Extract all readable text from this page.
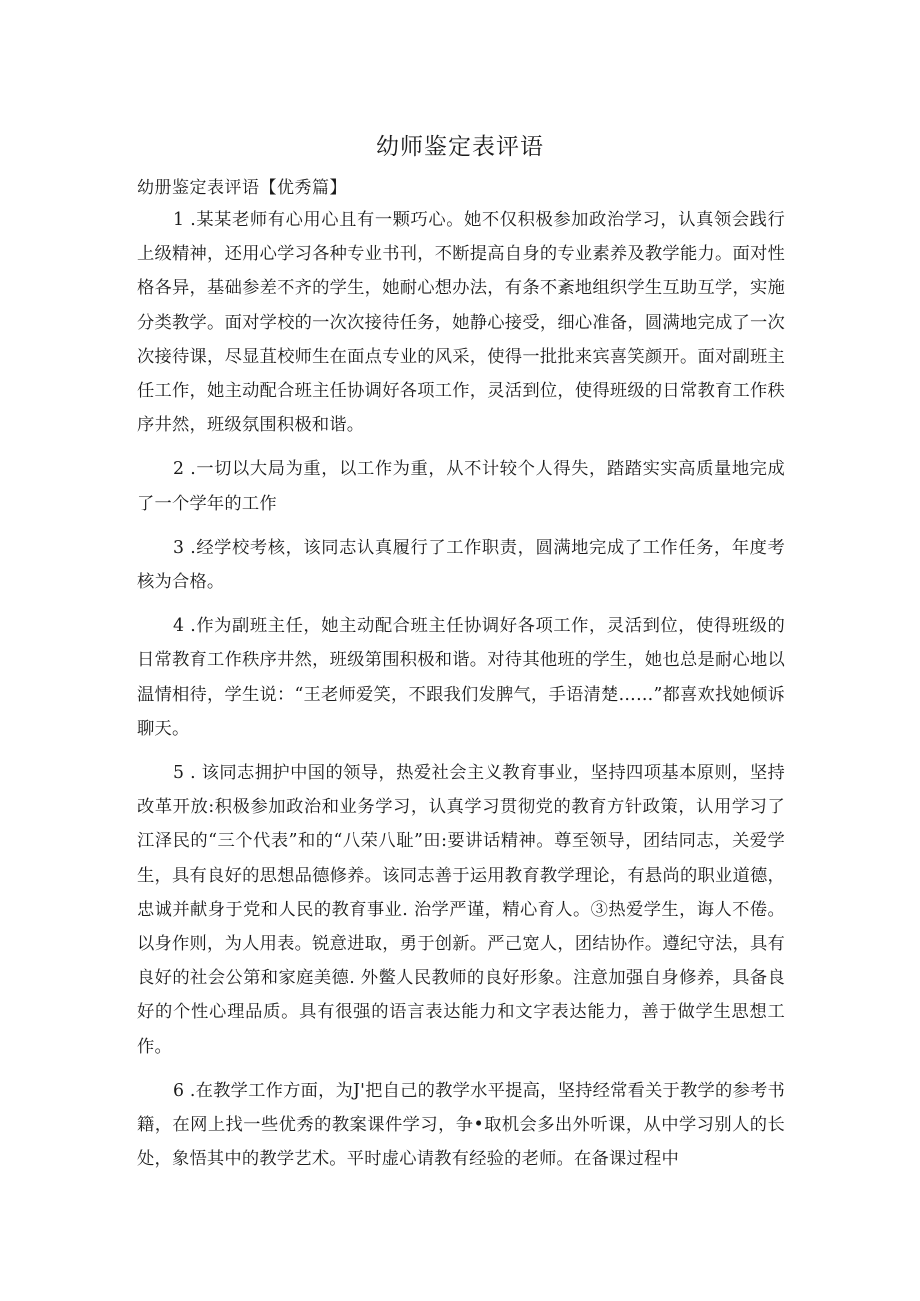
幼师鉴定表评语

幼册鉴定表评语【优秀篇】

1 .某某老师有心用心且有一颗巧心。她不仅积极参加政治学习，认真领会践行上级精神，还用心学习各种专业书刊，不断提高自身的专业素养及教学能力。面对性格各异，基础参差不齐的学生，她耐心想办法，有条不紊地组织学生互助互学，实施分类教学。面对学校的一次次接待任务，她静心接受，细心准备，圆满地完成了一次次接待课，尽显苴校师生在面点专业的风采，使得一批批来宾喜笑颜开。面对副班主任工作，她主动配合班主任协调好各项工作，灵活到位，使得班级的日常教育工作秩序井然，班级氛围积极和谐。

2 .一切以大局为重，以工作为重，从不计较个人得失，踏踏实实高质量地完成了一个学年的工作

3 .经学校考核，该同志认真履行了工作职责，圆满地完成了工作任务，年度考核为合格。

4 .作为副班主任，她主动配合班主任协调好各项工作，灵活到位，使得班级的日常教育工作秩序井然，班级第围积极和谐。对待其他班的学生，她也总是耐心地以温情相待，学生说：“王老师爱笑，不跟我们发脾气，手语清楚……”都喜欢找她倾诉聊天。

5 . 该同志拥护中国的领导，热爱社会主义教育事业，坚持四项基本原则，坚持改革开放:积极参加政治和业务学习，认真学习贯彻党的教育方针政策，认用学习了江泽民的“三个代表”和的“八荣八耻”田:要讲话精神。尊至领导，团结同志，关爱学生，具有良好的思想品德修养。该同志善于运用教育教学理论，有悬尚的职业道德，忠诚并献身于党和人民的教育事业. 治学严谨，精心育人。③热爱学生，诲人不倦。以身作则，为人用表。锐意进取，勇于创新。严己宽人，团结协作。遵纪守法，具有良好的社会公第和家庭美德. 外鳖人民教师的良好形象。注意加强自身修养，具备良好的个性心理品质。具有很强的语言表达能力和文字表达能力，善于做学生思想工作。

6 .在教学工作方面，为J'把自己的教学水平提高，坚持经常看关于教学的参考书籍，在网上找一些优秀的教案课件学习，争•取机会多出外听课，从中学习别人的长处，象悟其中的教学艺术。平时虚心请教有经验的老师。在备课过程中
